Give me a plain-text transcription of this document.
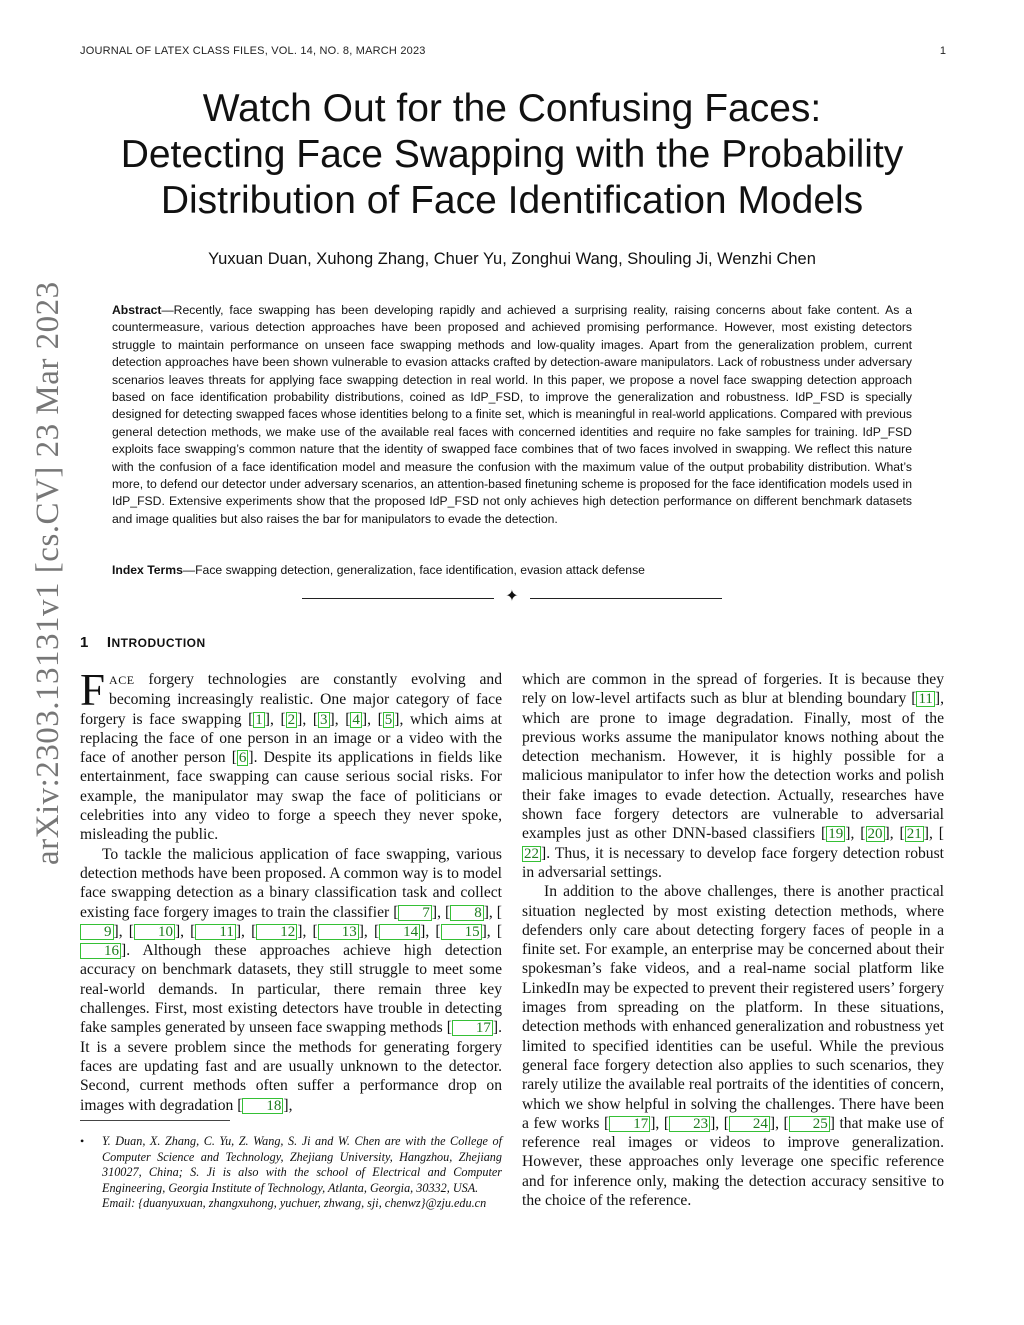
JOURNAL OF LATEX CLASS FILES, VOL. 14, NO. 8, MARCH 2023	1
arXiv:2303.13131v1 [cs.CV] 23 Mar 2023
Watch Out for the Confusing Faces:
Detecting Face Swapping with the Probability
Distribution of Face Identification Models
Yuxuan Duan, Xuhong Zhang, Chuer Yu, Zonghui Wang, Shouling Ji, Wenzhi Chen
Abstract—Recently, face swapping has been developing rapidly and achieved a surprising reality, raising concerns about fake content. As a countermeasure, various detection approaches have been proposed and achieved promising performance. However, most existing detectors struggle to maintain performance on unseen face swapping methods and low-quality images. Apart from the generalization problem, current detection approaches have been shown vulnerable to evasion attacks crafted by detection-aware manipulators. Lack of robustness under adversary scenarios leaves threats for applying face swapping detection in real world. In this paper, we propose a novel face swapping detection approach based on face identification probability distributions, coined as IdP_FSD, to improve the generalization and robustness. IdP_FSD is specially designed for detecting swapped faces whose identities belong to a finite set, which is meaningful in real-world applications. Compared with previous general detection methods, we make use of the available real faces with concerned identities and require no fake samples for training. IdP_FSD exploits face swapping’s common nature that the identity of swapped face combines that of two faces involved in swapping. We reflect this nature with the confusion of a face identification model and measure the confusion with the maximum value of the output probability distribution. What’s more, to defend our detector under adversary scenarios, an attention-based finetuning scheme is proposed for the face identification models used in IdP_FSD. Extensive experiments show that the proposed IdP_FSD not only achieves high detection performance on different benchmark datasets and image qualities but also raises the bar for manipulators to evade the detection.
Index Terms—Face swapping detection, generalization, face identification, evasion attack defense
✦
1 INTRODUCTION

FACE forgery technologies are constantly evolving and becoming increasingly realistic. One major category of face forgery is face swapping [ 1 ], [ 2 ], [ 3 ], [ 4 ], [ 5 ], which aims at replacing the face of one person in an image or a video with the face of another person [ 6 ]. Despite its applications in fields like entertainment, face swapping can cause serious social risks. For example, the manipulator may swap the face of politicians or celebrities into any video to forge a speech they never spoke, misleading the public.

To tackle the malicious application of face swapping, various detection methods have been proposed. A common way is to model face swapping detection as a binary classification task and collect existing face forgery images to train the classifier [ 7 ], [ 8 ], [9 ], [ 10 ], [ 11 ], [ 12 ], [ 13 ], [ 14 ], [ 15 ], [16 ]. Although these approaches achieve high detection accuracy on benchmark datasets, they still struggle to meet some real-world demands. In particular, there remain three key challenges. First, most existing detectors have trouble in detecting fake samples generated by unseen face swapping methods [ 17 ]. It is a severe problem since the methods for generating forgery faces are updating fast and are usually unknown to the detector. Second, current methods often suffer a performance drop on images with degradation [ 18 ],

• Y. Duan, X. Zhang, C. Yu, Z. Wang, S. Ji and W. Chen are with the College of Computer Science and Technology, Zhejiang University, Hangzhou, Zhejiang 310027, China; S. Ji is also with the school of Electrical and Computer Engineering, Georgia Institute of Technology, Atlanta, Georgia, 30332, USA.
Email: {duanyuxuan, zhangxuhong, yuchuer, zhwang, sji, chenwz}@zju.edu.cn

which are common in the spread of forgeries. It is because they rely on low-level artifacts such as blur at blending boundary [ 11 ], which are prone to image degradation. Finally, most of the previous works assume the manipulator knows nothing about the detection mechanism. However, it is highly possible for a malicious manipulator to infer how the detection works and polish their fake images to evade detection. Actually, researches have shown face forgery detectors are vulnerable to adversarial examples just as other DNN-based classifiers [ 19 ], [ 20 ], [ 21 ], [22 ]. Thus, it is necessary to develop face forgery detection robust in adversarial settings.

In addition to the above challenges, there is another practical situation neglected by most existing detection methods, where defenders only care about detecting forgery faces of people in a finite set. For example, an enterprise may be concerned about their spokesman’s fake videos, and a real-name social platform like LinkedIn may be expected to prevent their registered users’ forgery images from spreading on the platform. In these situations, detection methods with enhanced generalization and robustness yet limited to specified identities can be useful. While the previous general face forgery detection also applies to such scenarios, they rarely utilize the available real portraits of the identities of concern, which we show helpful in solving the challenges. There have been a few works [ 17 ], [ 23 ], [ 24 ], [ 25 ] that make use of reference real images or videos to improve generalization. However, these approaches only leverage one specific reference and for inference only, making the detection accuracy sensitive to the choice of the reference.
